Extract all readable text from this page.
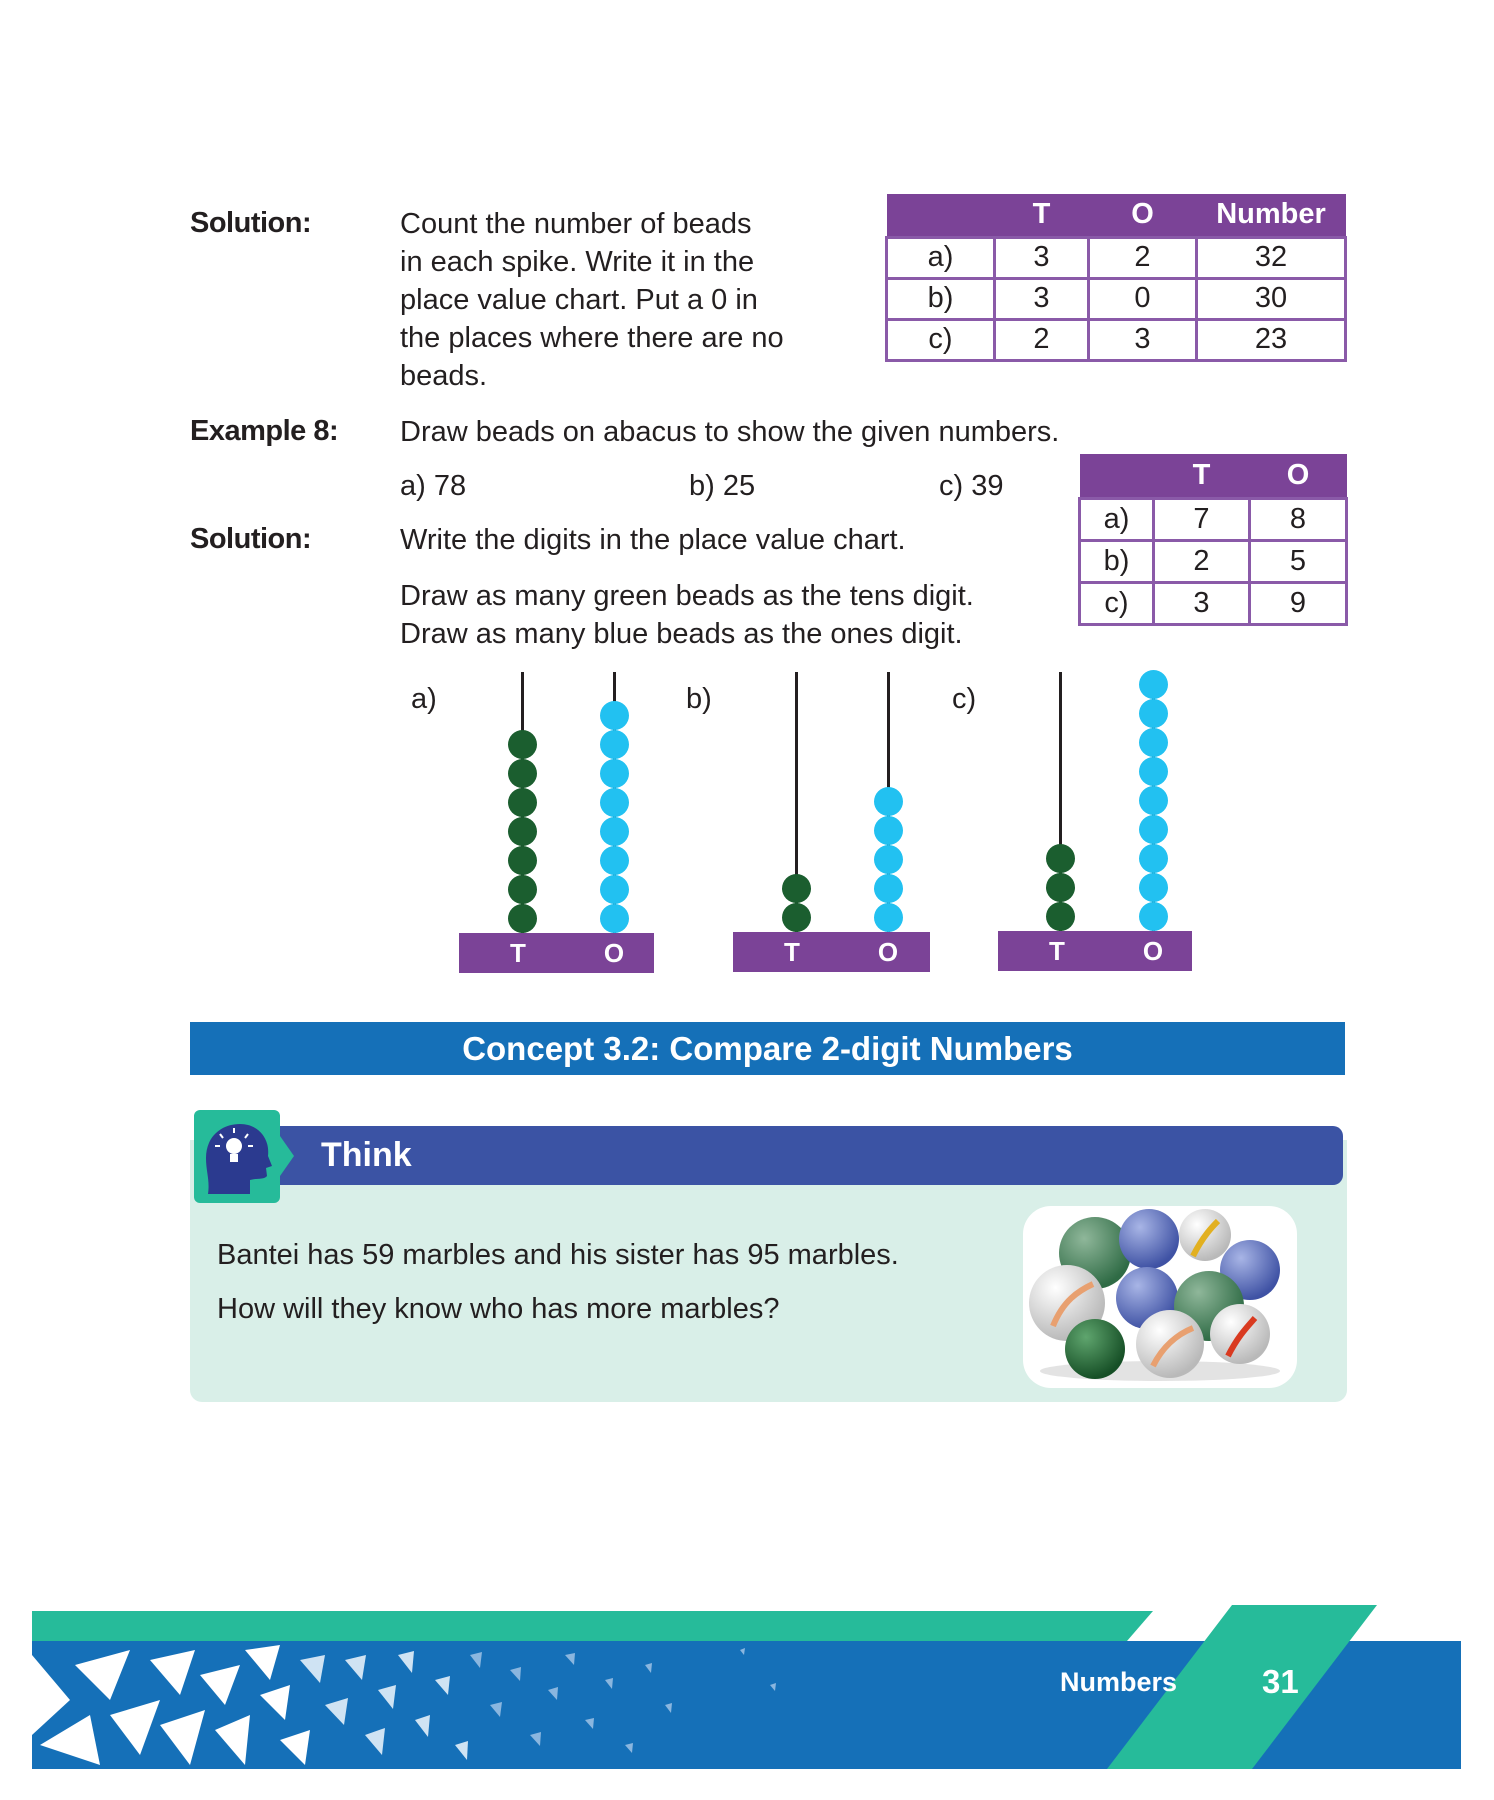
Solution:	Count the number of beads
in each spike. Write it in the
place value chart. Put a 0 in
the places where there are no
beads.
	T	O	Number
a)	3	2	32
b)	3	0	30
c)	2	3	23
Example 8: Draw beads on abacus to show the given numbers.
a) 78	b) 25	c) 39
Solution:	Write the digits in the place value chart.
Draw as many green beads as the tens digit.
Draw as many blue beads as the ones digit.
	T	O
a)	7	8
b)	2	5
c)	3	9
a)	b)	c)
T	O	T	O	T	O
Concept 3.2: Compare 2-digit Numbers
Think
Bantei has 59 marbles and his sister has 95 marbles.
How will they know who has more marbles?
Numbers	31
